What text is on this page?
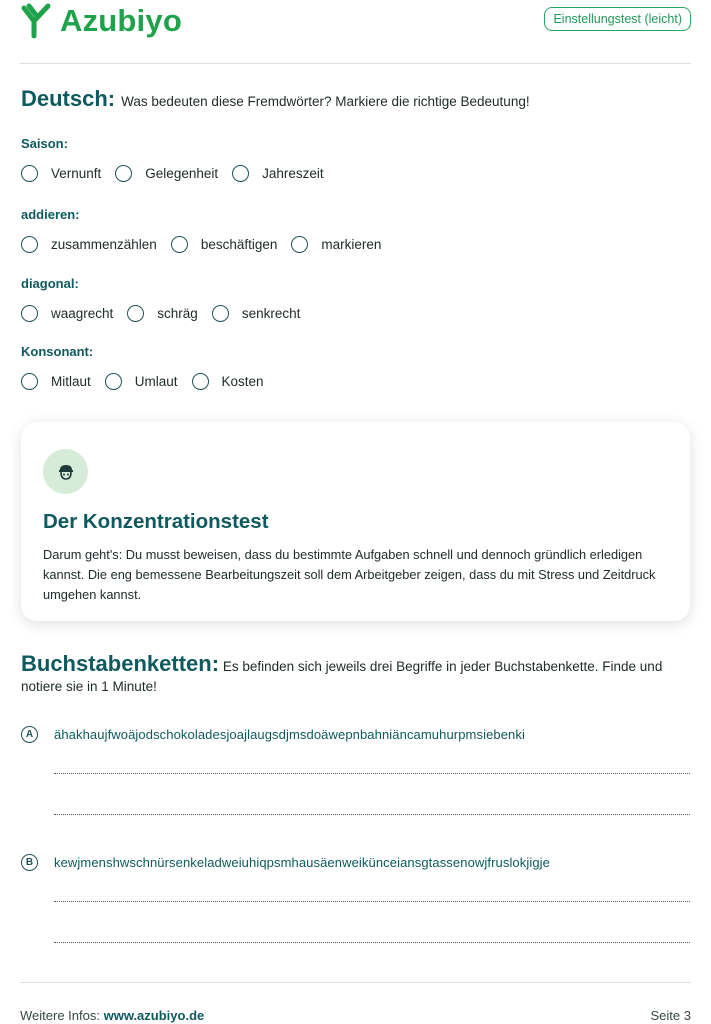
Azubiyo	Einstellungstest (leicht)
Deutsch: Was bedeuten diese Fremdwörter? Markiere die richtige Bedeutung!
Saison:
Vernunft	Gelegenheit	Jahreszeit
addieren:
zusammenzählen	beschäftigen	markieren
diagonal:
waagrecht	schräg	senkrecht
Konsonant:
Mitlaut	Umlaut	Kosten
Der Konzentrationstest
Darum geht's: Du musst beweisen, dass du bestimmte Aufgaben schnell und dennoch gründlich erledigen kannst. Die eng bemessene Bearbeitungszeit soll dem Arbeitgeber zeigen, dass du mit Stress und Zeitdruck umgehen kannst.
Buchstabenketten: Es befinden sich jeweils drei Begriffe in jeder Buchstabenkette. Finde und notiere sie in 1 Minute!
A	ähakhaujfwoäjodschokoladesjoajlaugsdjmsdoäwepnbahniäncamuhurpmsiebenki
B	kewjmenshwschnürsenkeladweiuhiqpsmhausäenweikünceiansgtassenowjfruslokjigje
Weitere Infos: www.azubiyo.de	Seite 3
